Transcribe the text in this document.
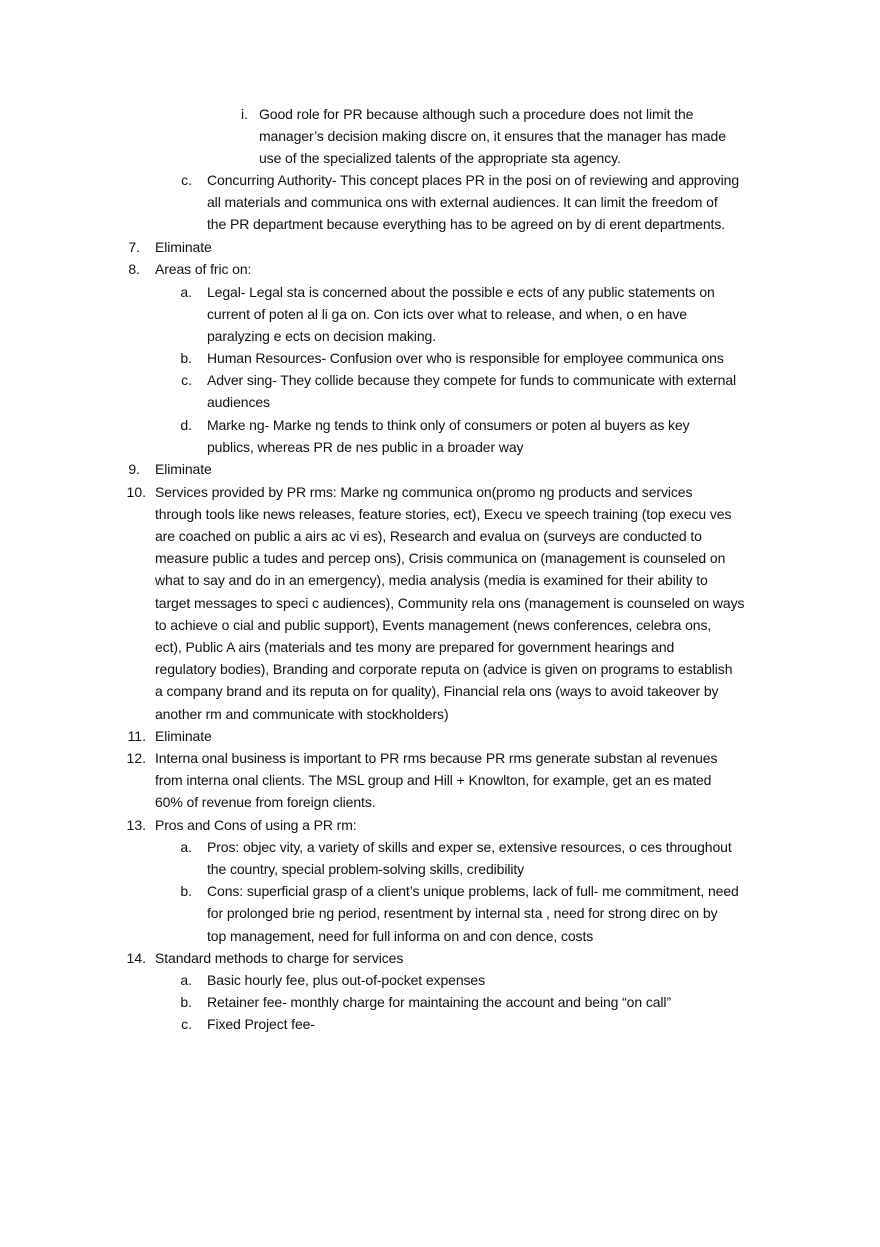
i. Good role for PR because although such a procedure does not limit the
manager’s decision making discre on, it ensures that the manager has made
use of the specialized talents of the appropriate sta agency.
c. Concurring Authority- This concept places PR in the posi on of reviewing and approving
all materials and communica ons with external audiences. It can limit the freedom of
the PR department because everything has to be agreed on by di erent departments.
7. Eliminate
8. Areas of fric on:
a. Legal- Legal sta is concerned about the possible e ects of any public statements on
current of poten al li ga on. Con icts over what to release, and when, o en have
paralyzing e ects on decision making.
b. Human Resources- Confusion over who is responsible for employee communica ons
c. Adver sing- They collide because they compete for funds to communicate with external
audiences
d. Marke ng- Marke ng tends to think only of consumers or poten al buyers as key
publics, whereas PR de nes public in a broader way
9. Eliminate
10. Services provided by PR rms: Marke ng communica on(promo ng products and services
through tools like news releases, feature stories, ect), Execu ve speech training (top execu ves
are coached on public a airs ac vi es), Research and evalua on (surveys are conducted to
measure public a tudes and percep ons), Crisis communica on (management is counseled on
what to say and do in an emergency), media analysis (media is examined for their ability to
target messages to speci c audiences), Community rela ons (management is counseled on ways
to achieve o cial and public support), Events management (news conferences, celebra ons,
ect), Public A airs (materials and tes mony are prepared for government hearings and
regulatory bodies), Branding and corporate reputa on (advice is given on programs to establish
a company brand and its reputa on for quality), Financial rela ons (ways to avoid takeover by
another rm and communicate with stockholders)
11. Eliminate
12. Interna onal business is important to PR rms because PR rms generate substan al revenues
from interna onal clients. The MSL group and Hill + Knowlton, for example, get an es mated
60% of revenue from foreign clients.
13. Pros and Cons of using a PR rm:
a. Pros: objec vity, a variety of skills and exper se, extensive resources, o ces throughout
the country, special problem-solving skills, credibility
b. Cons: superficial grasp of a client’s unique problems, lack of full- me commitment, need
for prolonged brie ng period, resentment by internal sta , need for strong direc on by
top management, need for full informa on and con dence, costs
14. Standard methods to charge for services
a. Basic hourly fee, plus out-of-pocket expenses
b. Retainer fee- monthly charge for maintaining the account and being “on call”
c. Fixed Project fee-
